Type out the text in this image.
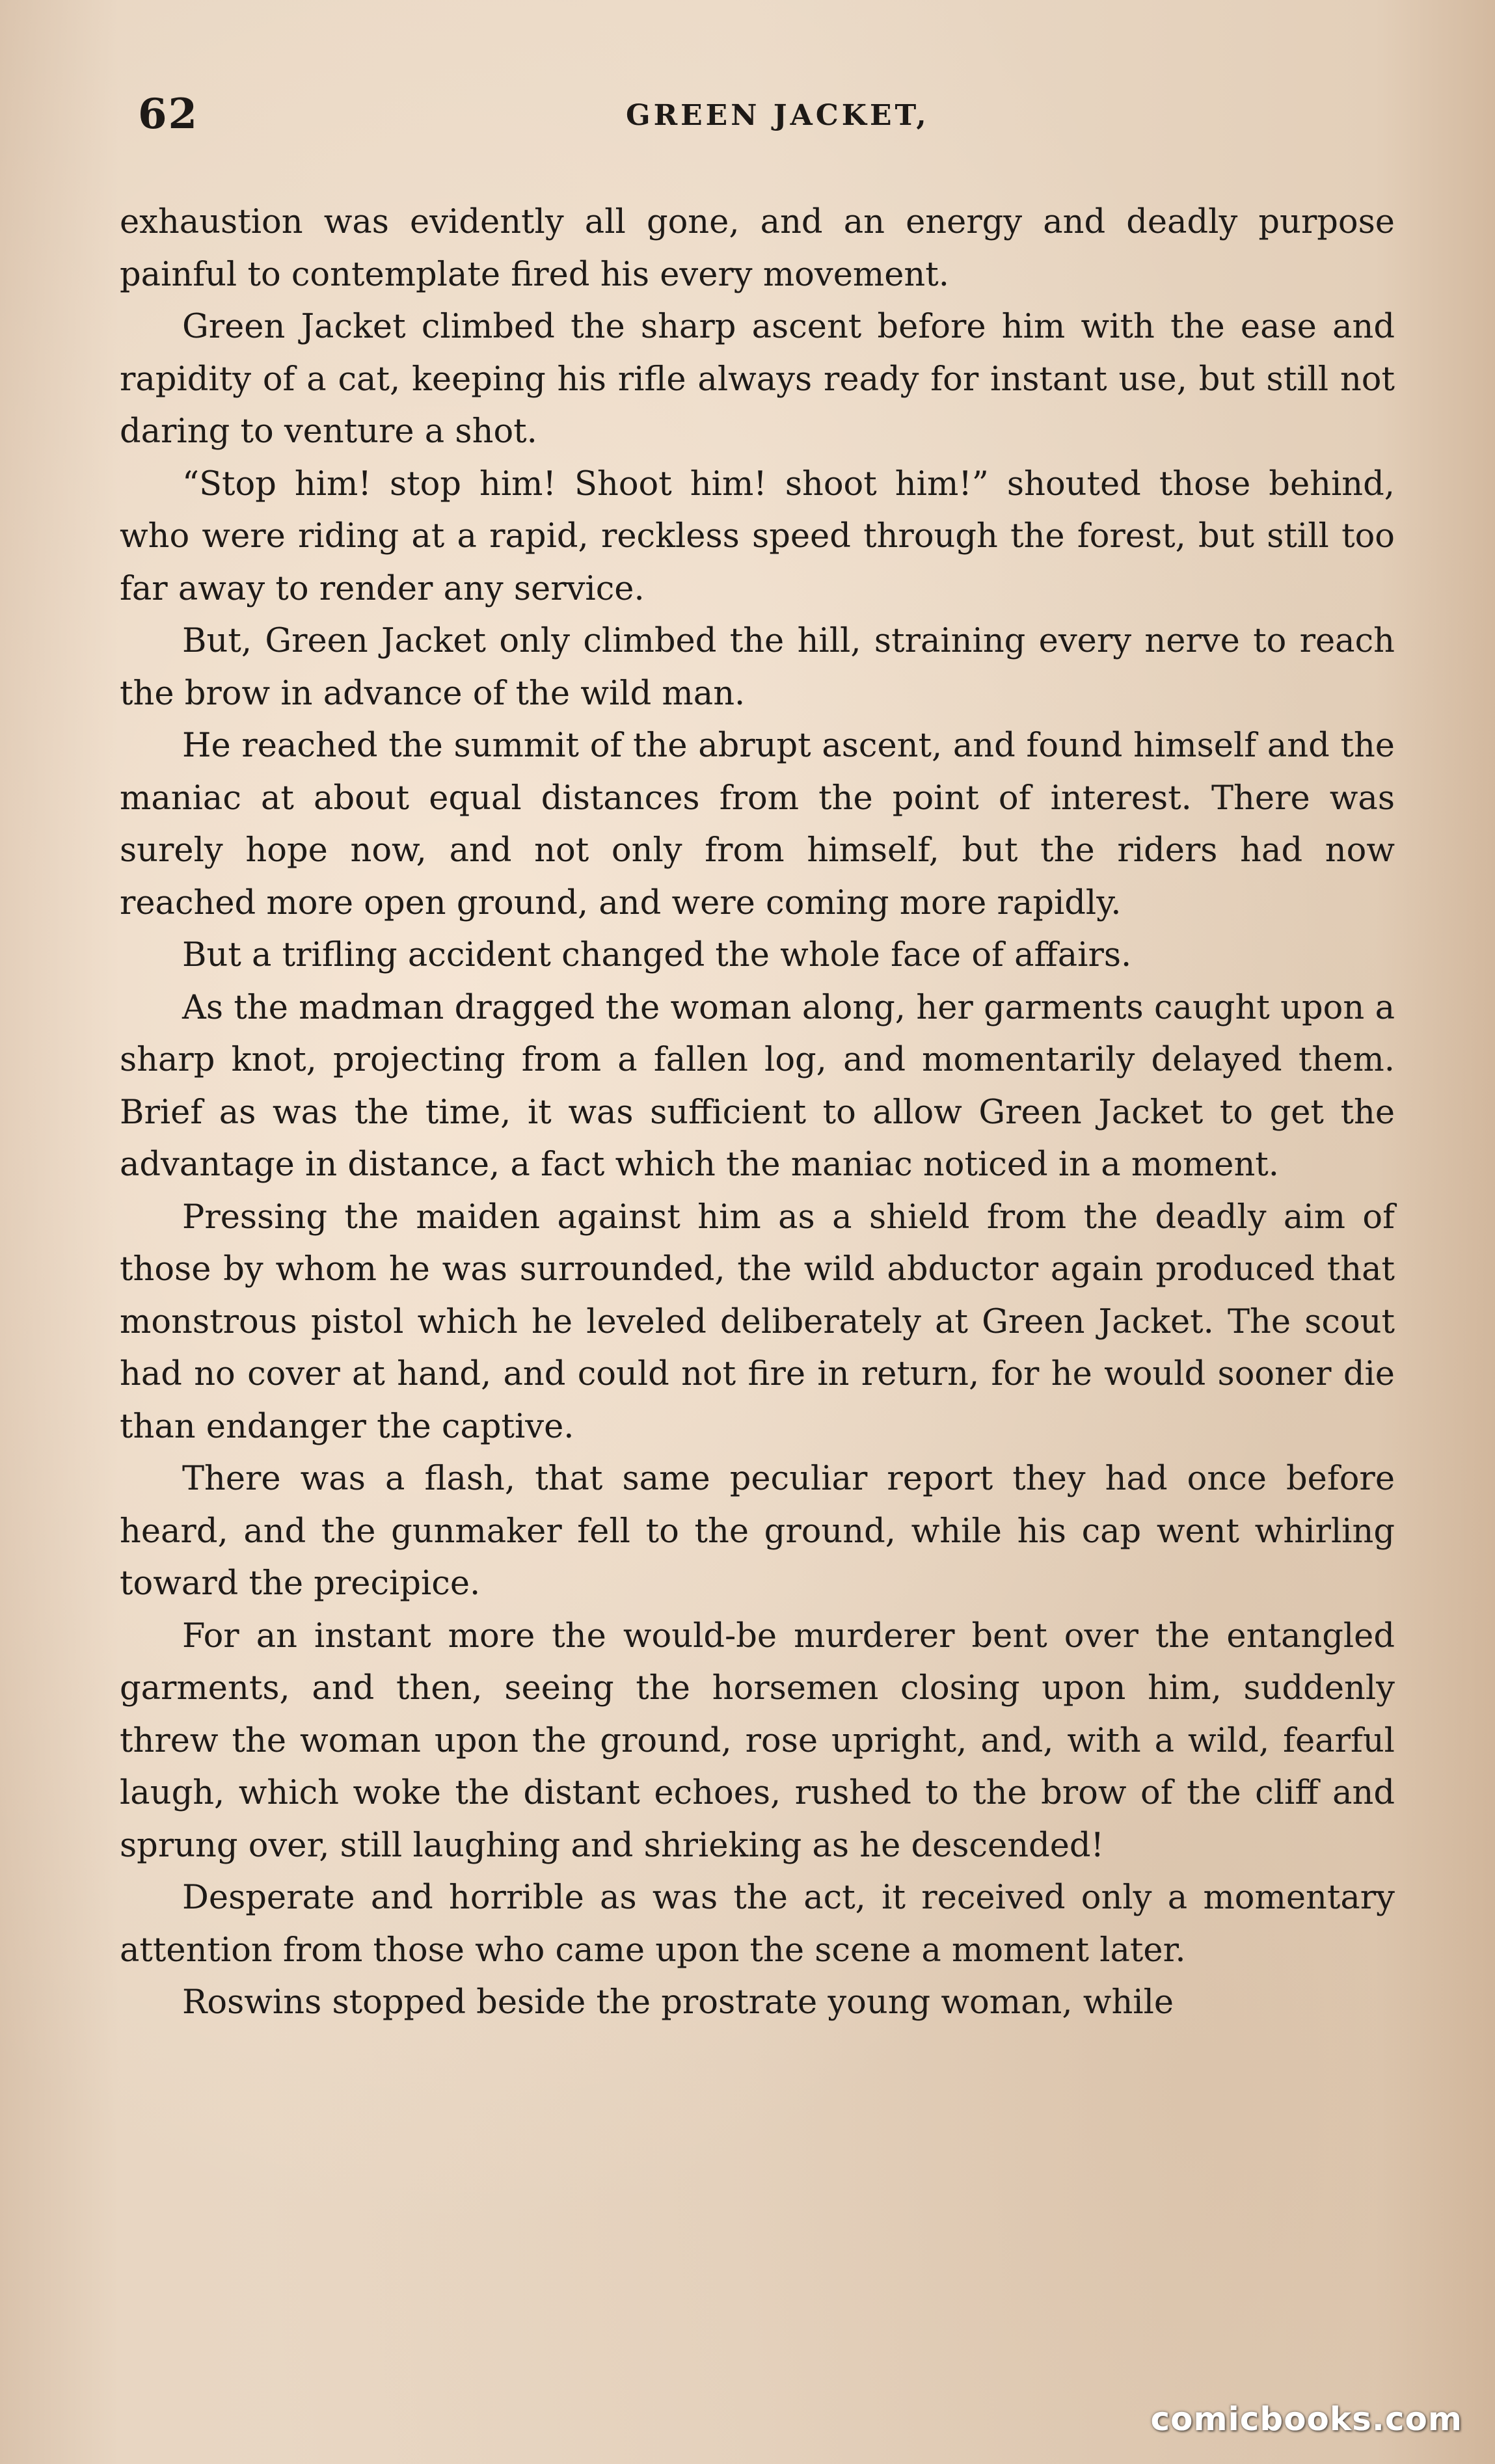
62	GREEN JACKET,

exhaustion was evidently all gone, and an energy and deadly purpose painful to contemplate fired his every movement.

Green Jacket climbed the sharp ascent before him with the ease and rapidity of a cat, keeping his rifle always ready for instant use, but still not daring to venture a shot.

“Stop him! stop him! Shoot him! shoot him!” shouted those behind, who were riding at a rapid, reckless speed through the forest, but still too far away to render any service.

But, Green Jacket only climbed the hill, straining every nerve to reach the brow in advance of the wild man.

He reached the summit of the abrupt ascent, and found himself and the maniac at about equal distances from the point of interest. There was surely hope now, and not only from himself, but the riders had now reached more open ground, and were coming more rapidly.

But a trifling accident changed the whole face of affairs.

As the madman dragged the woman along, her garments caught upon a sharp knot, projecting from a fallen log, and momentarily delayed them. Brief as was the time, it was sufficient to allow Green Jacket to get the advantage in distance, a fact which the maniac noticed in a moment.

Pressing the maiden against him as a shield from the deadly aim of those by whom he was surrounded, the wild abductor again produced that monstrous pistol which he leveled deliberately at Green Jacket. The scout had no cover at hand, and could not fire in return, for he would sooner die than endanger the captive.

There was a flash, that same peculiar report they had once before heard, and the gunmaker fell to the ground, while his cap went whirling toward the precipice.

For an instant more the would-be murderer bent over the entangled garments, and then, seeing the horsemen closing upon him, suddenly threw the woman upon the ground, rose upright, and, with a wild, fearful laugh, which woke the distant echoes, rushed to the brow of the cliff and sprung over, still laughing and shrieking as he descended!

Desperate and horrible as was the act, it received only a momentary attention from those who came upon the scene a moment later.

Roswins stopped beside the prostrate young woman, while

comicbooks.com
